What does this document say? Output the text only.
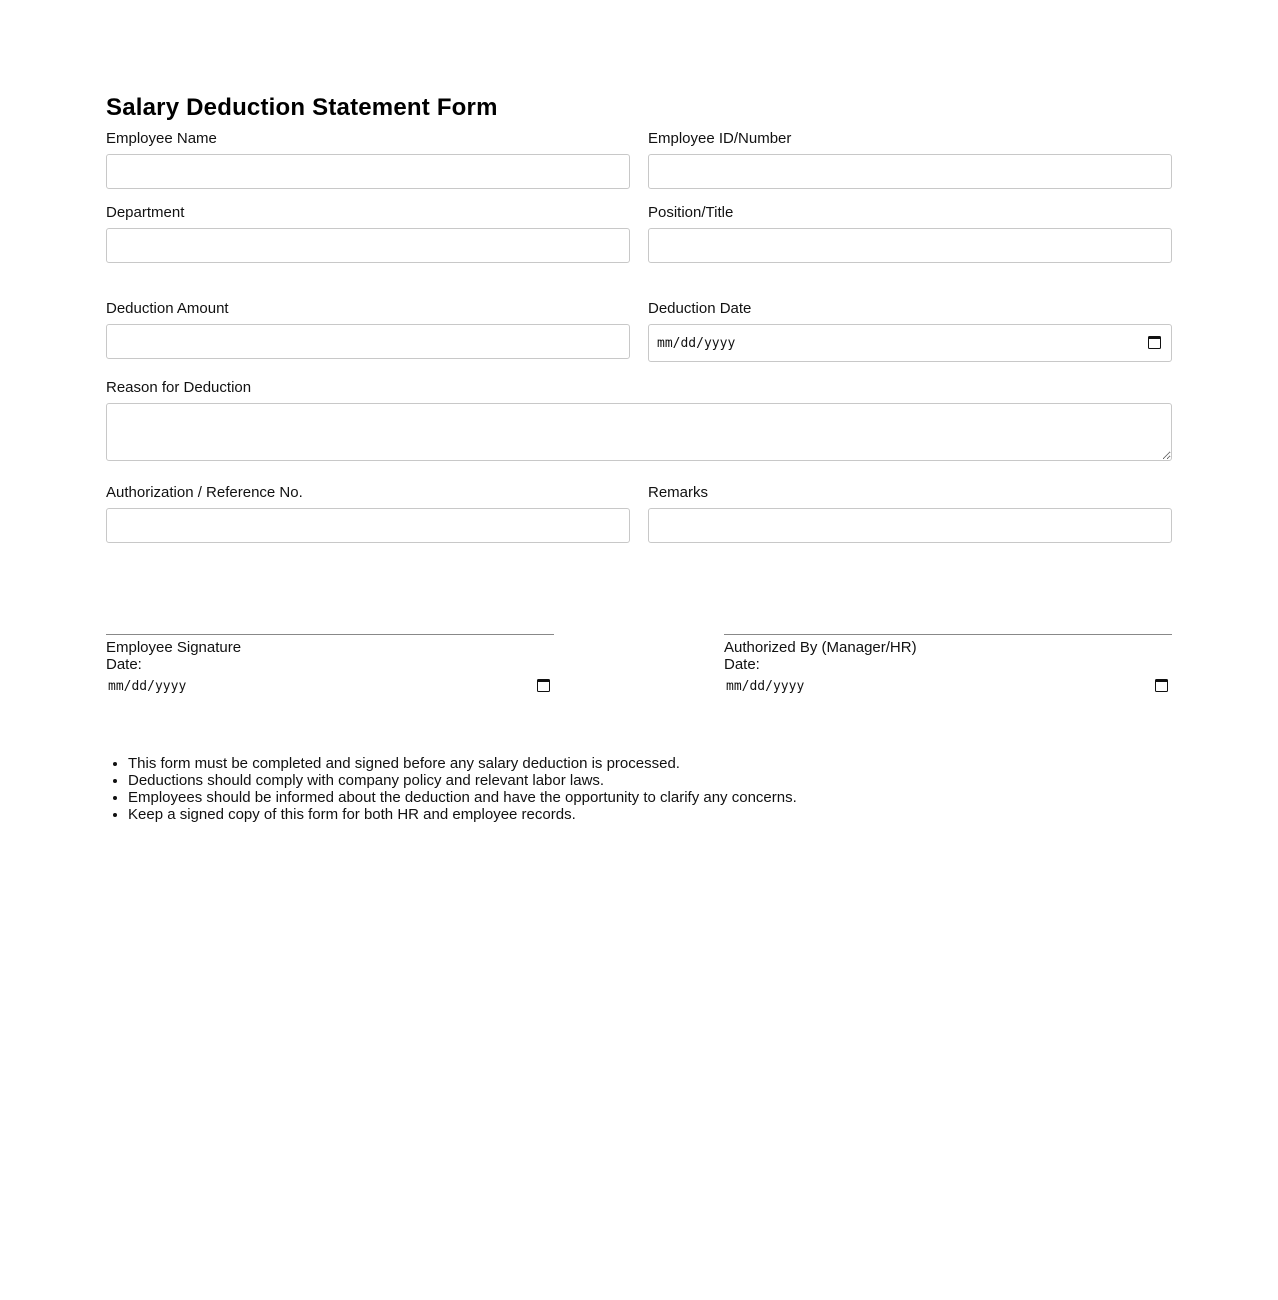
Salary Deduction Statement Form
Employee Name	Employee ID/Number
Department	Position/Title
Deduction Amount	Deduction Date
mm/dd/yyyy
Reason for Deduction
Authorization / Reference No.	Remarks
Employee Signature
Date:
mm/dd/yyyy
Authorized By (Manager/HR)
Date:
mm/dd/yyyy
• This form must be completed and signed before any salary deduction is processed.
• Deductions should comply with company policy and relevant labor laws.
• Employees should be informed about the deduction and have the opportunity to clarify any concerns.
• Keep a signed copy of this form for both HR and employee records.
